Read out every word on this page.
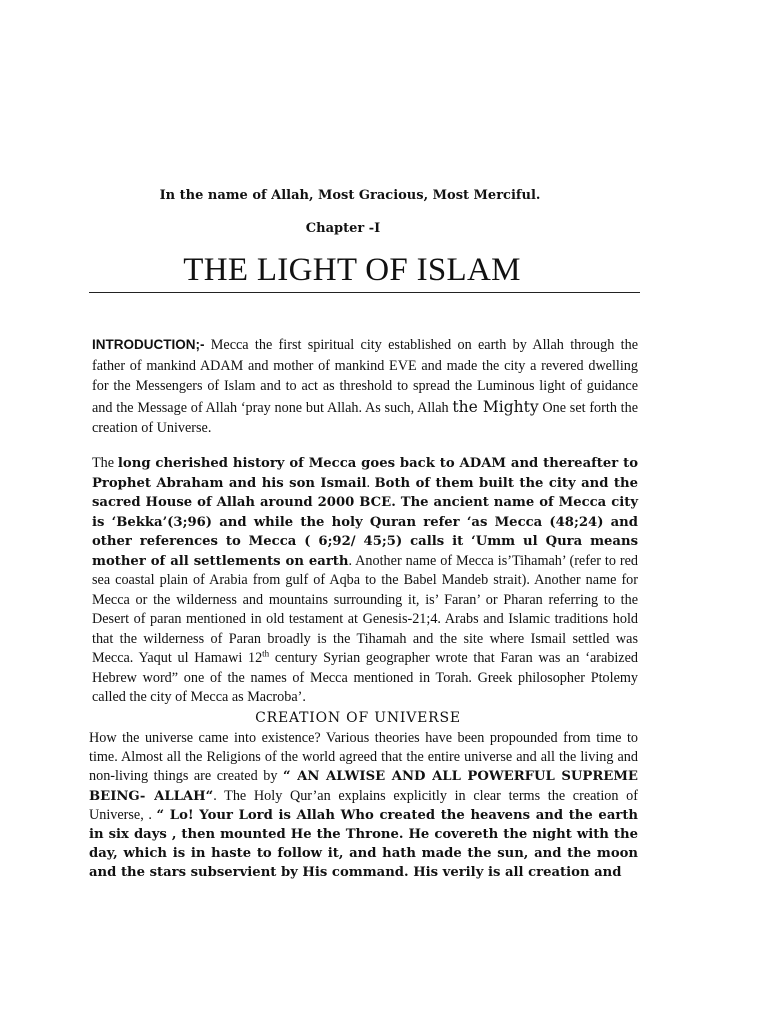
In the name of Allah, Most Gracious, Most Merciful.
Chapter -I
THE LIGHT OF ISLAM
INTRODUCTION;- Mecca the first spiritual city established on earth by Allah through the father of mankind ADAM and mother of mankind EVE and made the city a revered dwelling for the Messengers of Islam and to act as threshold to spread the Luminous light of guidance and the Message of Allah ‘pray none but Allah. As such, Allah the Mighty One set forth the creation of Universe.
The long cherished history of Mecca goes back to ADAM and thereafter to Prophet Abraham and his son Ismail. Both of them built the city and the sacred House of Allah around 2000 BCE. The ancient name of Mecca city is ‘Bekka’(3;96) and while the holy Quran refer ‘as Mecca (48;24) and other references to Mecca ( 6;92/ 45;5) calls it ‘Umm ul Qura means mother of all settlements on earth. Another name of Mecca is’Tihamah’ (refer to red sea coastal plain of Arabia from gulf of Aqba to the Babel Mandeb strait). Another name for Mecca or the wilderness and mountains surrounding it, is’ Faran’ or Pharan referring to the Desert of paran mentioned in old testament at Genesis-21;4. Arabs and Islamic traditions hold that the wilderness of Paran broadly is the Tihamah and the site where Ismail settled was Mecca. Yaqut ul Hamawi 12th century Syrian geographer wrote that Faran was an ‘arabized Hebrew word” one of the names of Mecca mentioned in Torah. Greek philosopher Ptolemy called the city of Mecca as Macroba’.
CREATION OF UNIVERSE
How the universe came into existence? Various theories have been propounded from time to time. Almost all the Religions of the world agreed that the entire universe and all the living and non-living things are created by “ AN ALWISE AND ALL POWERFUL SUPREME BEING- ALLAH“. The Holy Qur’an explains explicitly in clear terms the creation of Universe, . “ Lo! Your Lord is Allah Who created the heavens and the earth in six days , then mounted He the Throne. He covereth the night with the day, which is in haste to follow it, and hath made the sun, and the moon and the stars subservient by His command. His verily is all creation and
